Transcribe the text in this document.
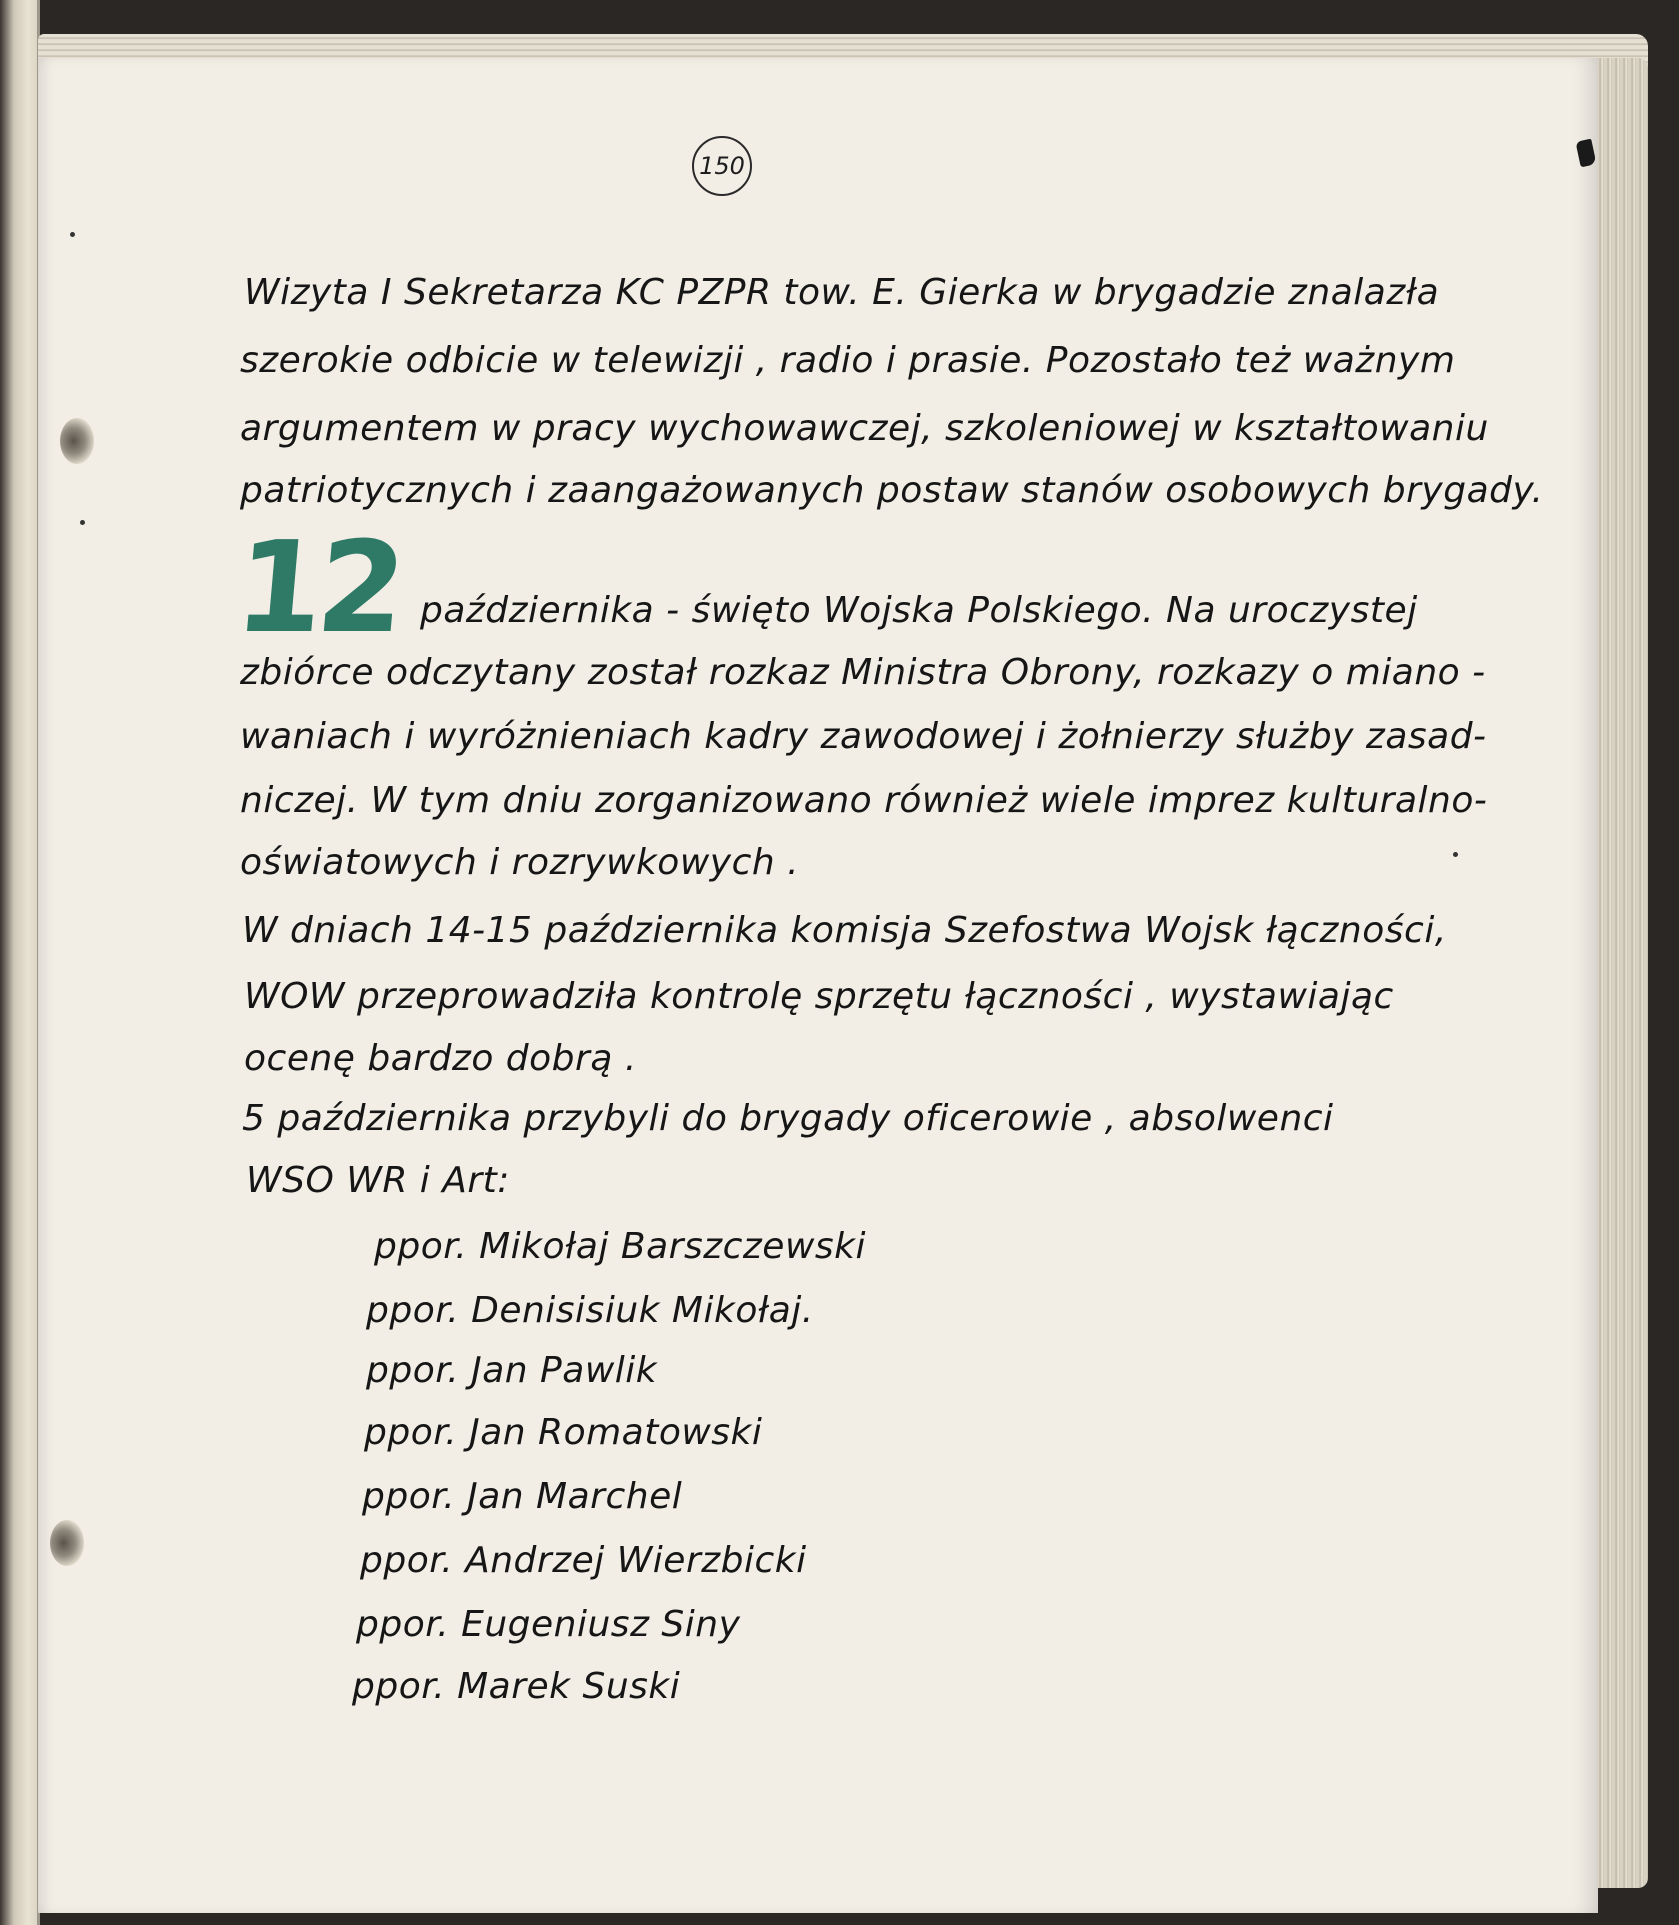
150
Wizyta I Sekretarza KC PZPR tow. E. Gierka w brygadzie znalazła
szerokie odbicie w telewizji , radio i prasie. Pozostało też ważnym
argumentem w pracy wychowawczej, szkoleniowej w kształtowaniu
patriotycznych i zaangażowanych postaw stanów osobowych brygady.
12 października - święto Wojska Polskiego. Na uroczystej
zbiórce odczytany został rozkaz Ministra Obrony, rozkazy o miano -
waniach i wyróżnieniach kadry zawodowej i żołnierzy służby zasad-
niczej. W tym dniu zorganizowano również wiele imprez kulturalno-
oświatowych i rozrywkowych .
W dniach 14-15 października komisja Szefostwa Wojsk łączności,
WOW przeprowadziła kontrolę sprzętu łączności , wystawiając
ocenę bardzo dobrą .
5 października przybyli do brygady oficerowie , absolwenci
WSO WR i Art:
ppor. Mikołaj Barszczewski
ppor. Denisisiuk Mikołaj.
ppor. Jan Pawlik
ppor. Jan Romatowski
ppor. Jan Marchel
ppor. Andrzej Wierzbicki
ppor. Eugeniusz Siny
ppor. Marek Suski
